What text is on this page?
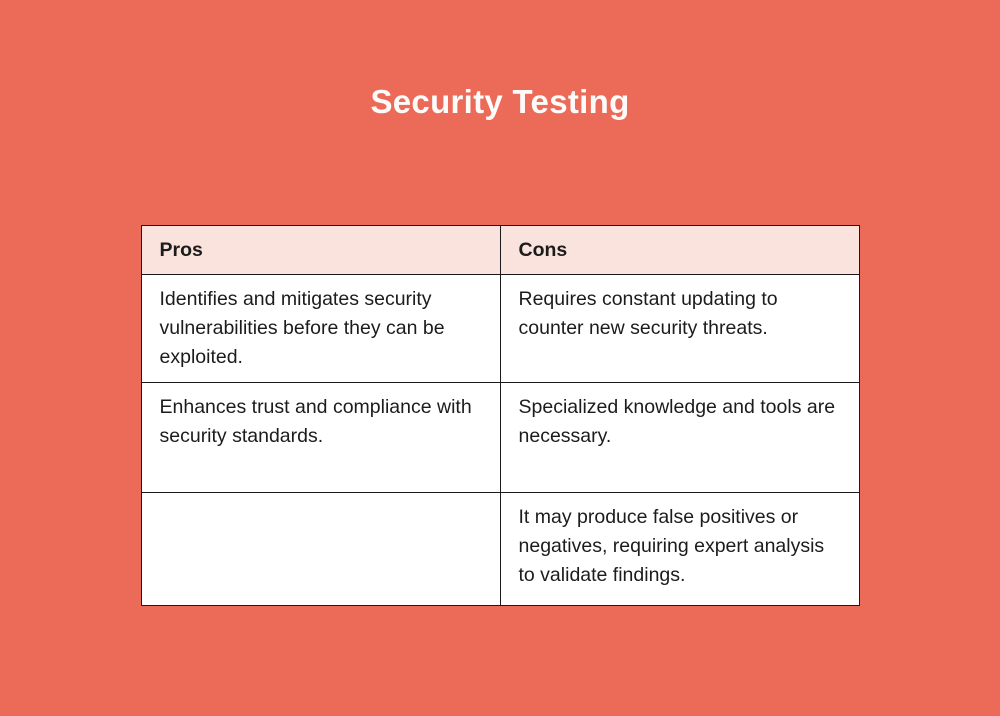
Security Testing
Pros	Cons
Identifies and mitigates security vulnerabilities before they can be exploited.	Requires constant updating to counter new security threats.
Enhances trust and compliance with security standards.	Specialized knowledge and tools are necessary.
	It may produce false positives or negatives, requiring expert analysis to validate findings.
